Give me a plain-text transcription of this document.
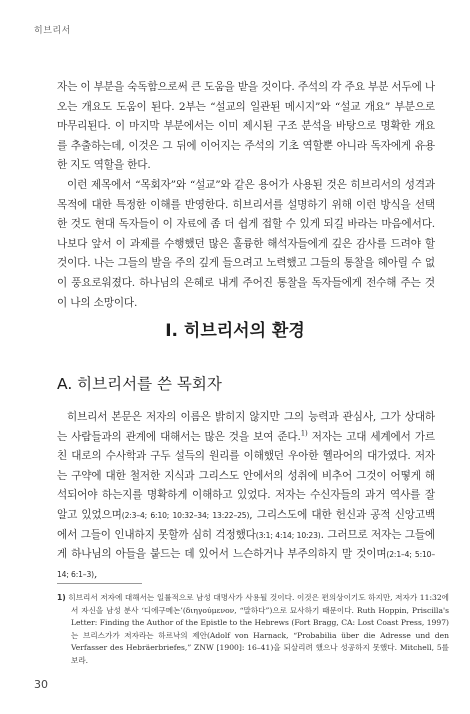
히브리서

자는 이 부분을 숙독함으로써 큰 도움을 받을 것이다. 주석의 각 주요 부분 서두에 나오는 개요도 도움이 된다. 2부는 “설교의 일관된 메시지”와 “설교 개요” 부분으로 마무리된다. 이 마지막 부분에서는 이미 제시된 구조 분석을 바탕으로 명확한 개요를 추출하는데, 이것은 그 뒤에 이어지는 주석의 기초 역할뿐 아니라 독자에게 유용한 지도 역할을 한다.

이런 제목에서 “목회자”와 “설교”와 같은 용어가 사용된 것은 히브리서의 성격과 목적에 대한 특정한 이해를 반영한다. 히브리서를 설명하기 위해 이런 방식을 선택한 것도 현대 독자들이 이 자료에 좀 더 쉽게 접할 수 있게 되길 바라는 마음에서다. 나보다 앞서 이 과제를 수행했던 많은 훌륭한 해석자들에게 깊은 감사를 드려야 할 것이다. 나는 그들의 발을 주의 깊게 들으려고 노력했고 그들의 통찰을 헤아릴 수 없이 풍요로워졌다. 하나님의 은혜로 내게 주어진 통찰을 독자들에게 전수해 주는 것이 나의 소망이다.

I. 히브리서의 환경
A. 히브리서를 쓴 목회자

히브리서 본문은 저자의 이름은 밝히지 않지만 그의 능력과 관심사, 그가 상대하는 사람들과의 관계에 대해서는 많은 것을 보여 준다.$^{1)}$ 저자는 고대 세계에서 가르친 대로의 수사학과 구두 설득의 원리를 이해했던 우아한 헬라어의 대가였다. 저자는 구약에 대한 철저한 지식과 그리스도 안에서의 성취에 비추어 그것이 어떻게 해석되어야 하는지를 명확하게 이해하고 있었다. 저자는 수신자들의 과거 역사를 잘 알고 있었으며(2:3–4; 6:10; 10:32–34; 13:22–25), 그리스도에 대한 헌신과 공적 신앙고백에서 그들이 인내하지 못할까 심히 걱정했다(3:1; 4:14; 10:23). 그러므로 저자는 그들에게 하나님의 아들을 붙드는 데 있어서 느슨하거나 부주의하지 말 것이며(2:1–4; 5:10–14; 6:1–3),

1) 히브리서 저자에 대해서는 일률적으로 남성 대명사가 사용될 것이다. 이것은 편의상이기도 하지만, 저자가 11:32에서 자신을 남성 분사 ‘디에구메논’(διηγούμενον, “말하다”)으로 묘사하기 때문이다. Ruth Hoppin, Priscilla's Letter: Finding the Author of the Epistle to the Hebrews (Fort Bragg, CA: Lost Coast Press, 1997)는 브리스가가 저자라는 하르낙의 제안(Adolf von Harnack, “Probabilia über die Adresse und den Verfasser des Hebräerbriefes,” ZNW [1900]: 16–41)을 되살리려 했으나 성공하지 못했다. Mitchell, 5를 보라.
30
